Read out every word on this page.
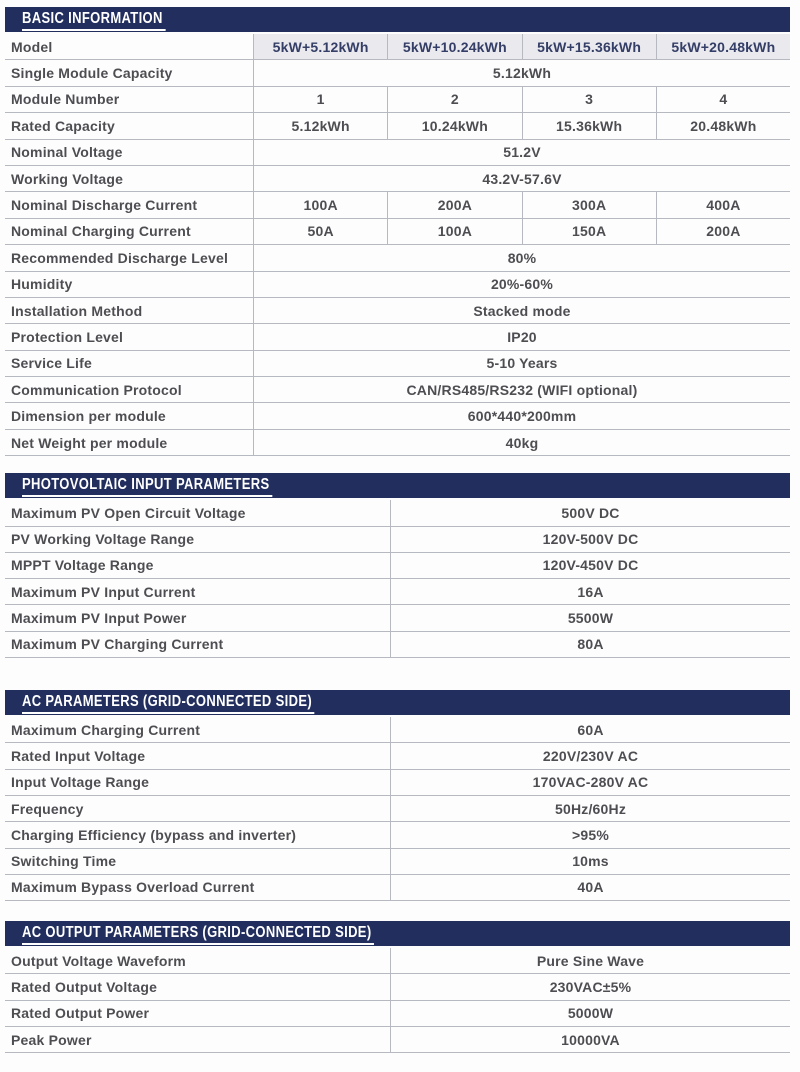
BASIC INFORMATION
Model	5kW+5.12kWh	5kW+10.24kWh	5kW+15.36kWh	5kW+20.48kWh
Single Module Capacity	5.12kWh
Module Number	1	2	3	4
Rated Capacity	5.12kWh	10.24kWh	15.36kWh	20.48kWh
Nominal Voltage	51.2V
Working Voltage	43.2V-57.6V
Nominal Discharge Current	100A	200A	300A	400A
Nominal Charging Current	50A	100A	150A	200A
Recommended Discharge Level	80%
Humidity	20%-60%
Installation Method	Stacked mode
Protection Level	IP20
Service Life	5-10 Years
Communication Protocol	CAN/RS485/RS232 (WIFI optional)
Dimension per module	600*440*200mm
Net Weight per module	40kg
PHOTOVOLTAIC INPUT PARAMETERS
Maximum PV Open Circuit Voltage	500V DC
PV Working Voltage Range	120V-500V DC
MPPT Voltage Range	120V-450V DC
Maximum PV Input Current	16A
Maximum PV Input Power	5500W
Maximum PV Charging Current	80A
AC PARAMETERS (GRID-CONNECTED SIDE)
Maximum Charging Current	60A
Rated Input Voltage	220V/230V AC
Input Voltage Range	170VAC-280V AC
Frequency	50Hz/60Hz
Charging Efficiency (bypass and inverter)	>95%
Switching Time	10ms
Maximum Bypass Overload Current	40A
AC OUTPUT PARAMETERS (GRID-CONNECTED SIDE)
Output Voltage Waveform	Pure Sine Wave
Rated Output Voltage	230VAC±5%
Rated Output Power	5000W
Peak Power	10000VA
